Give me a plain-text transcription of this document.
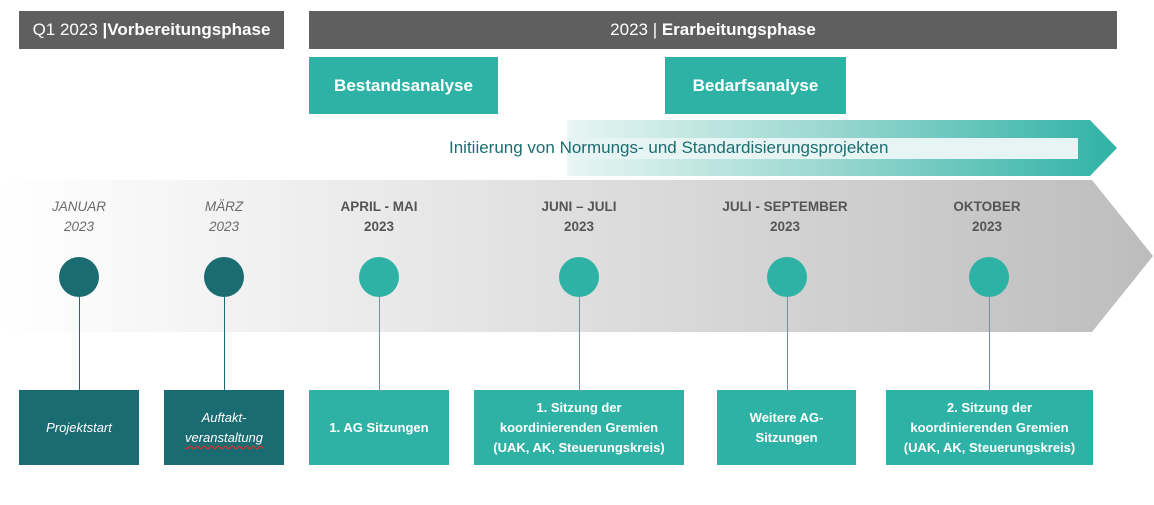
Q1 2023 |Vorbereitungsphase	2023 | Erarbeitungsphase
Bestandsanalyse	Bedarfsanalyse
Initiierung von Normungs- und Standardisierungsprojekten
JANUAR
2023
Projektstart
MÄRZ
2023
Auftakt-
veranstaltung
APRIL - MAI
2023
1. AG Sitzungen
JUNI – JULI
2023
1. Sitzung der
koordinierenden Gremien
(UAK, AK, Steuerungskreis)
JULI - SEPTEMBER
2023
Weitere AG-
Sitzungen
OKTOBER
2023
2. Sitzung der
koordinierenden Gremien
(UAK, AK, Steuerungskreis)
